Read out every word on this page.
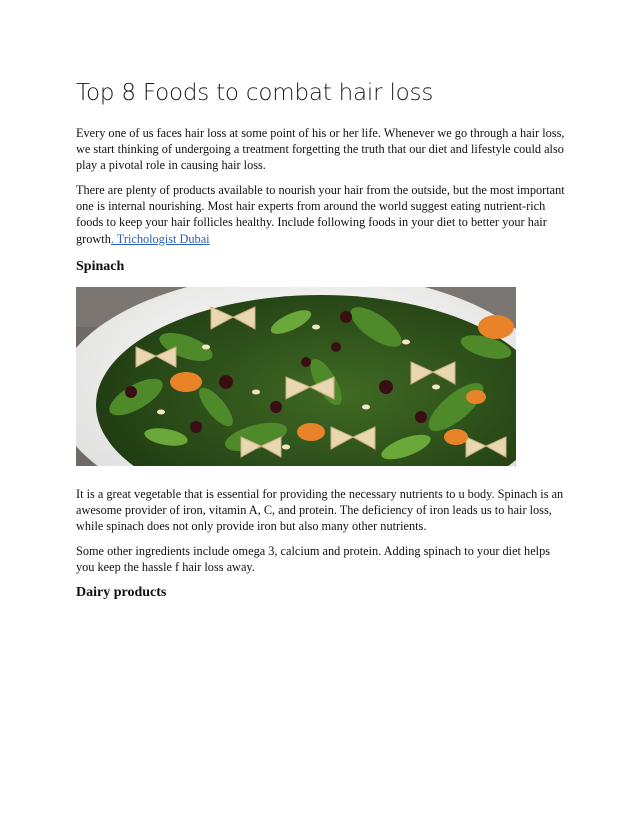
Top 8 Foods to combat hair loss
Every one of us faces hair loss at some point of his or her life. Whenever we go through a hair loss, we start thinking of undergoing a treatment forgetting the truth that our diet and lifestyle could also play a pivotal role in causing hair loss.
There are plenty of products available to nourish your hair from the outside, but the most important one is internal nourishing. Most hair experts from around the world suggest eating nutrient-rich foods to keep your hair follicles healthy. Include following foods in your diet to better your hair growth. Trichologist Dubai
Spinach
It is a great vegetable that is essential for providing the necessary nutrients to u body. Spinach is an awesome provider of iron, vitamin A, C, and protein. The deficiency of iron leads us to hair loss, while spinach does not only provide iron but also many other nutrients.
Some other ingredients include omega 3, calcium and protein. Adding spinach to your diet helps you keep the hassle f hair loss away.
Dairy products
